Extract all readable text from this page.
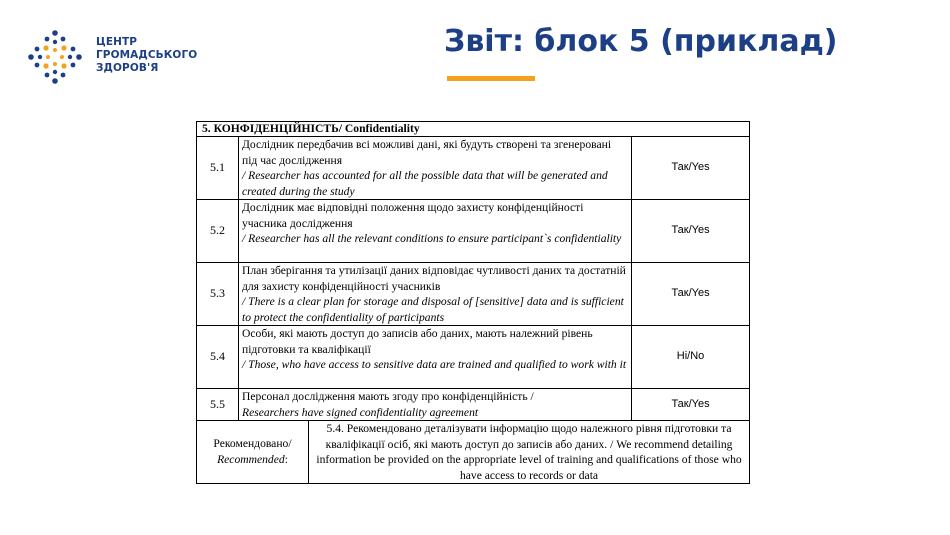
ЦЕНТР
ГРОМАДСЬКОГО
ЗДОРОВ'Я
Звіт: блок 5 (приклад)
5. КОНФІДЕНЦІЙНІСТЬ/ Confidentiality			
5.1	Дослідник передбачив всі можливі дані, які будуть створені та згенеровані під час дослідження
/ Researcher has accounted for all the possible data that will be generated and created during the study		Так/Yes
5.2	Дослідник має відповідні положення щодо захисту конфіденційності учасника дослідження
/ Researcher has all the relevant conditions to ensure participant`s confidentiality		Так/Yes
5.3	План зберігання та утилізації даних відповідає чутливості даних та достатній для захисту конфіденційності учасників
/ There is a clear plan for storage and disposal of [sensitive] data and is sufficient to protect the confidentiality of participants		Так/Yes
5.4	Особи, які мають доступ до записів або даних, мають належний рівень підготовки та кваліфікації
/ Those, who have access to sensitive data are trained and qualified to work with it		Ні/No
5.5	Персонал дослідження мають згоду про конфіденційність /
Researchers have signed confidentiality agreement		Так/Yes
Рекомендовано/
Recommended:		5.4. Рекомендовано деталізувати інформацію щодо належного рівня підготовки та кваліфікації осіб, які мають доступ до записів або даних. / We recommend detailing information be provided on the appropriate level of training and qualifications of those who have access to records or data	
